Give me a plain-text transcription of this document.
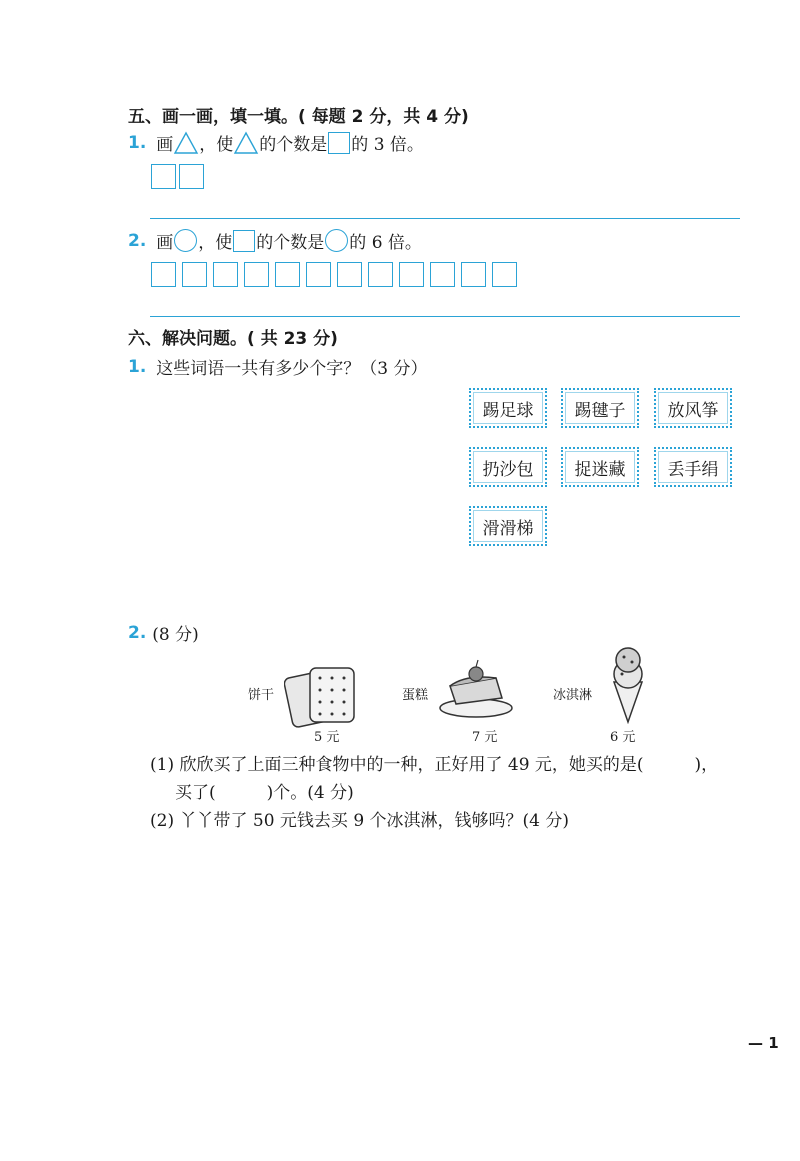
五、画一画，填一填。( 每题 2 分，共 4 分)
1. 画 ，使 的个数是 的 3 倍。
2. 画 ，使 的个数是 的 6 倍。
六、解决问题。( 共 23 分)
1. 这些词语一共有多少个字？（3 分）
踢足球	踢毽子	放风筝
扔沙包	捉迷藏	丢手绢
滑滑梯
2. (8 分)
饼干
5 元
蛋糕
7 元
冰淇淋
6 元
(1) 欣欣买了上面三种食物中的一种，正好用了 49 元，她买的是(　　　)，
买了(　　　)个。(4 分)
(2) 丫丫带了 50 元钱去买 9 个冰淇淋，钱够吗？(4 分)
— 1
